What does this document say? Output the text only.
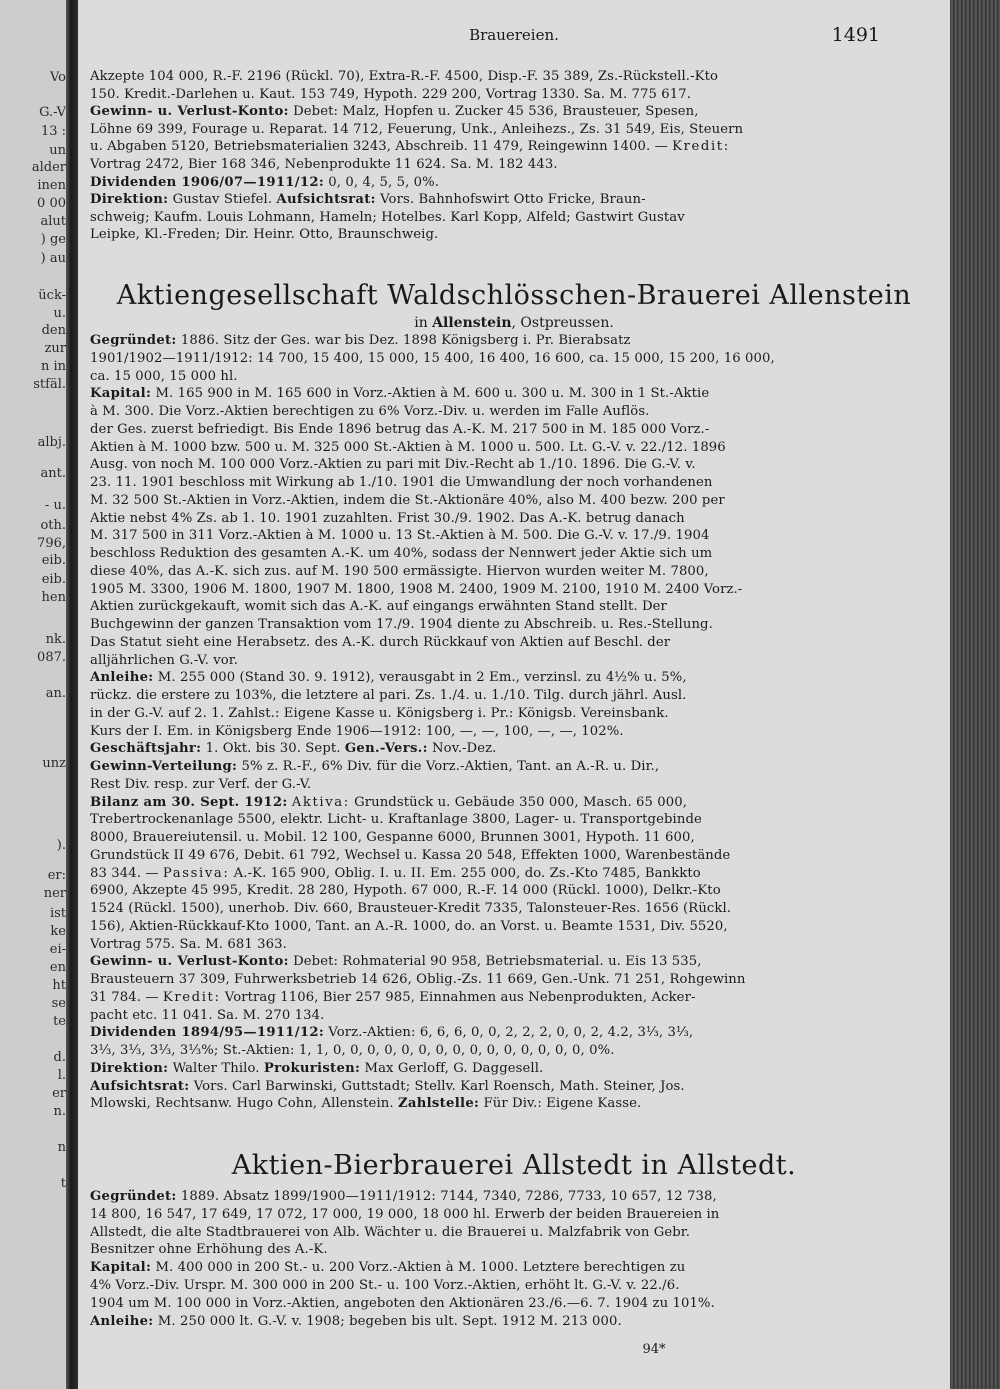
Vo
G.-V
13 :
un
alder
inen
0 00
alut
) ge
) au
ück-
u.
den
zur
n in
stfäl.
albj.
ant.
- u.
oth.
796,
eib.
eib.
hen
nk.
087.
an.
unz
).
er:
ner
ist
ke
ei-
en
ht
se
te
d.
l.
er
n.
n
t
Brauereien.	1491
Akzepte 104 000, R.-F. 2196 (Rückl. 70), Extra-R.-F. 4500, Disp.-F. 35 389, Zs.-Rückstell.-Kto
150. Kredit.-Darlehen u. Kaut. 153 749, Hypoth. 229 200, Vortrag 1330. Sa. M. 775 617.
Gewinn- u. Verlust-Konto: Debet: Malz, Hopfen u. Zucker 45 536, Brausteuer, Spesen,
Löhne 69 399, Fourage u. Reparat. 14 712, Feuerung, Unk., Anleihezs., Zs. 31 549, Eis, Steuern
u. Abgaben 5120, Betriebsmaterialien 3243, Abschreib. 11 479, Reingewinn 1400. — Kredit:
Vortrag 2472, Bier 168 346, Nebenprodukte 11 624. Sa. M. 182 443.
Dividenden 1906/07—1911/12: 0, 0, 4, 5, 5, 0%.
Direktion: Gustav Stiefel. Aufsichtsrat: Vors. Bahnhofswirt Otto Fricke, Braun-
schweig; Kaufm. Louis Lohmann, Hameln; Hotelbes. Karl Kopp, Alfeld; Gastwirt Gustav
Leipke, Kl.-Freden; Dir. Heinr. Otto, Braunschweig.
Aktiengesellschaft Waldschlösschen-Brauerei Allenstein
in Allenstein, Ostpreussen.
Gegründet: 1886. Sitz der Ges. war bis Dez. 1898 Königsberg i. Pr. Bierabsatz
1901/1902—1911/1912: 14 700, 15 400, 15 000, 15 400, 16 400, 16 600, ca. 15 000, 15 200, 16 000,
ca. 15 000, 15 000 hl.
Kapital: M. 165 900 in M. 165 600 in Vorz.-Aktien à M. 600 u. 300 u. M. 300 in 1 St.-Aktie
à M. 300. Die Vorz.-Aktien berechtigen zu 6% Vorz.-Div. u. werden im Falle Auflös.
der Ges. zuerst befriedigt. Bis Ende 1896 betrug das A.-K. M. 217 500 in M. 185 000 Vorz.-
Aktien à M. 1000 bzw. 500 u. M. 325 000 St.-Aktien à M. 1000 u. 500. Lt. G.-V. v. 22./12. 1896
Ausg. von noch M. 100 000 Vorz.-Aktien zu pari mit Div.-Recht ab 1./10. 1896. Die G.-V. v.
23. 11. 1901 beschloss mit Wirkung ab 1./10. 1901 die Umwandlung der noch vorhandenen
M. 32 500 St.-Aktien in Vorz.-Aktien, indem die St.-Aktionäre 40%, also M. 400 bezw. 200 per
Aktie nebst 4% Zs. ab 1. 10. 1901 zuzahlten. Frist 30./9. 1902. Das A.-K. betrug danach
M. 317 500 in 311 Vorz.-Aktien à M. 1000 u. 13 St.-Aktien à M. 500. Die G.-V. v. 17./9. 1904
beschloss Reduktion des gesamten A.-K. um 40%, sodass der Nennwert jeder Aktie sich um
diese 40%, das A.-K. sich zus. auf M. 190 500 ermässigte. Hiervon wurden weiter M. 7800,
1905 M. 3300, 1906 M. 1800, 1907 M. 1800, 1908 M. 2400, 1909 M. 2100, 1910 M. 2400 Vorz.-
Aktien zurückgekauft, womit sich das A.-K. auf eingangs erwähnten Stand stellt. Der
Buchgewinn der ganzen Transaktion vom 17./9. 1904 diente zu Abschreib. u. Res.-Stellung.
Das Statut sieht eine Herabsetz. des A.-K. durch Rückkauf von Aktien auf Beschl. der
alljährlichen G.-V. vor.
Anleihe: M. 255 000 (Stand 30. 9. 1912), verausgabt in 2 Em., verzinsl. zu 4½% u. 5%,
rückz. die erstere zu 103%, die letztere al pari. Zs. 1./4. u. 1./10. Tilg. durch jährl. Ausl.
in der G.-V. auf 2. 1. Zahlst.: Eigene Kasse u. Königsberg i. Pr.: Königsb. Vereinsbank.
Kurs der I. Em. in Königsberg Ende 1906—1912: 100, —, —, 100, —, —, 102%.
Geschäftsjahr: 1. Okt. bis 30. Sept. Gen.-Vers.: Nov.-Dez.
Gewinn-Verteilung: 5% z. R.-F., 6% Div. für die Vorz.-Aktien, Tant. an A.-R. u. Dir.,
Rest Div. resp. zur Verf. der G.-V.
Bilanz am 30. Sept. 1912: Aktiva: Grundstück u. Gebäude 350 000, Masch. 65 000,
Trebertrockenanlage 5500, elektr. Licht- u. Kraftanlage 3800, Lager- u. Transportgebinde
8000, Brauereiutensil. u. Mobil. 12 100, Gespanne 6000, Brunnen 3001, Hypoth. 11 600,
Grundstück II 49 676, Debit. 61 792, Wechsel u. Kassa 20 548, Effekten 1000, Warenbestände
83 344. — Passiva: A.-K. 165 900, Oblig. I. u. II. Em. 255 000, do. Zs.-Kto 7485, Bankkto
6900, Akzepte 45 995, Kredit. 28 280, Hypoth. 67 000, R.-F. 14 000 (Rückl. 1000), Delkr.-Kto
1524 (Rückl. 1500), unerhob. Div. 660, Brausteuer-Kredit 7335, Talonsteuer-Res. 1656 (Rückl.
156), Aktien-Rückkauf-Kto 1000, Tant. an A.-R. 1000, do. an Vorst. u. Beamte 1531, Div. 5520,
Vortrag 575. Sa. M. 681 363.
Gewinn- u. Verlust-Konto: Debet: Rohmaterial 90 958, Betriebsmaterial. u. Eis 13 535,
Brausteuern 37 309, Fuhrwerksbetrieb 14 626, Oblig.-Zs. 11 669, Gen.-Unk. 71 251, Rohgewinn
31 784. — Kredit: Vortrag 1106, Bier 257 985, Einnahmen aus Nebenprodukten, Acker-
pacht etc. 11 041. Sa. M. 270 134.
Dividenden 1894/95—1911/12: Vorz.-Aktien: 6, 6, 6, 0, 0, 2, 2, 2, 0, 0, 2, 4.2, 3⅓, 3⅓,
3⅓, 3⅓, 3⅓, 3⅓%; St.-Aktien: 1, 1, 0, 0, 0, 0, 0, 0, 0, 0, 0, 0, 0, 0, 0, 0, 0, 0%.
Direktion: Walter Thilo. Prokuristen: Max Gerloff, G. Daggesell.
Aufsichtsrat: Vors. Carl Barwinski, Guttstadt; Stellv. Karl Roensch, Math. Steiner, Jos.
Mlowski, Rechtsanw. Hugo Cohn, Allenstein. Zahlstelle: Für Div.: Eigene Kasse.
Aktien-Bierbrauerei Allstedt in Allstedt.
Gegründet: 1889. Absatz 1899/1900—1911/1912: 7144, 7340, 7286, 7733, 10 657, 12 738,
14 800, 16 547, 17 649, 17 072, 17 000, 19 000, 18 000 hl. Erwerb der beiden Brauereien in
Allstedt, die alte Stadtbrauerei von Alb. Wächter u. die Brauerei u. Malzfabrik von Gebr.
Besnitzer ohne Erhöhung des A.-K.
Kapital: M. 400 000 in 200 St.- u. 200 Vorz.-Aktien à M. 1000. Letztere berechtigen zu
4% Vorz.-Div. Urspr. M. 300 000 in 200 St.- u. 100 Vorz.-Aktien, erhöht lt. G.-V. v. 22./6.
1904 um M. 100 000 in Vorz.-Aktien, angeboten den Aktionären 23./6.—6. 7. 1904 zu 101%.
Anleihe: M. 250 000 lt. G.-V. v. 1908; begeben bis ult. Sept. 1912 M. 213 000.
94*
